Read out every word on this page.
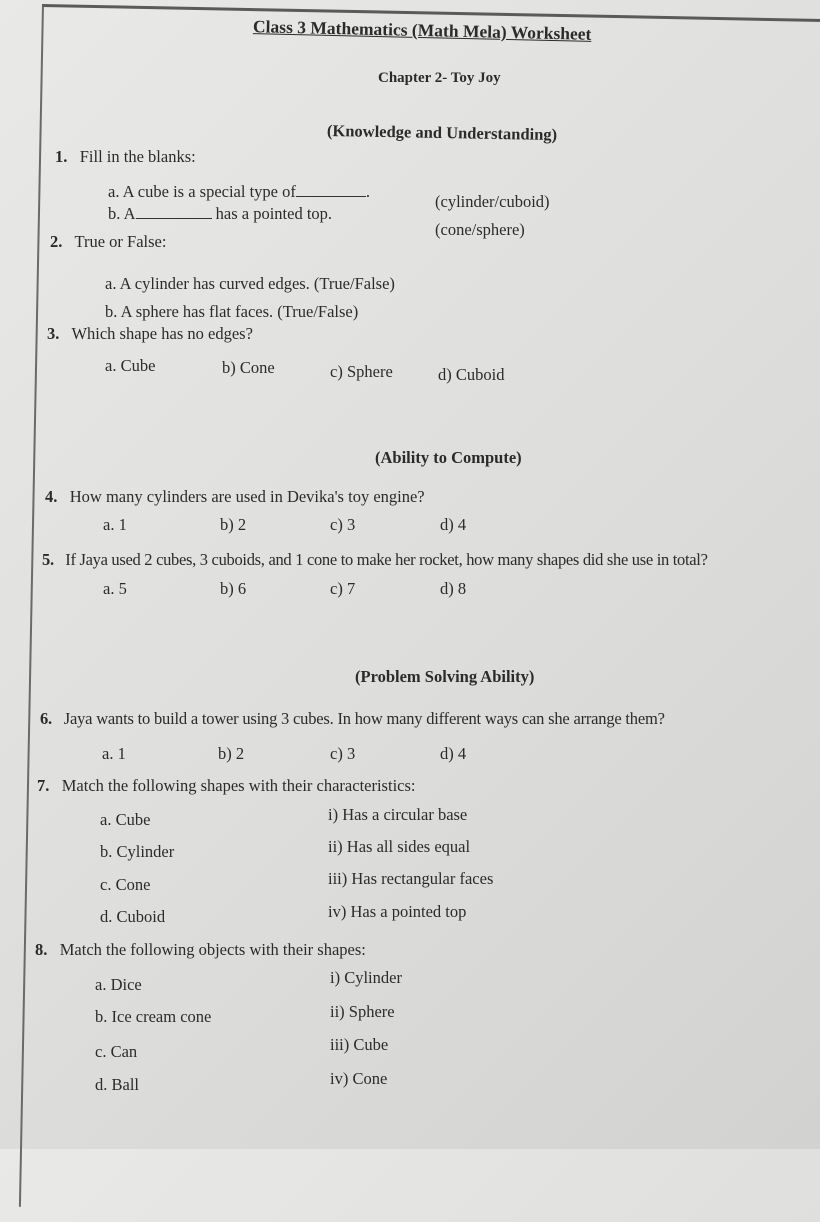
Class 3 Mathematics (Math Mela) Worksheet
Chapter 2- Toy Joy
(Knowledge and Understanding)
1. Fill in the blanks:
a. A cube is a special type of	.
(cylinder/cuboid)
b. A	has a pointed top.
(cone/sphere)
2. True or False:
a. A cylinder has curved edges. (True/False)
b. A sphere has flat faces. (True/False)
3. Which shape has no edges?
a. Cube	b) Cone	c) Sphere	d) Cuboid
(Ability to Compute)
4. How many cylinders are used in Devika's toy engine?
a. 1	b) 2	c) 3	d) 4
5. If Jaya used 2 cubes, 3 cuboids, and 1 cone to make her rocket, how many shapes did she use in total?
a. 5	b) 6	c) 7	d) 8
(Problem Solving Ability)
6. Jaya wants to build a tower using 3 cubes. In how many different ways can she arrange them?
a. 1	b) 2	c) 3	d) 4
7. Match the following shapes with their characteristics:
a. Cube	i) Has a circular base
b. Cylinder	ii) Has all sides equal
c. Cone	iii) Has rectangular faces
d. Cuboid	iv) Has a pointed top
8. Match the following objects with their shapes:
a. Dice	i) Cylinder
b. Ice cream cone	ii) Sphere
c. Can	iii) Cube
d. Ball	iv) Cone
